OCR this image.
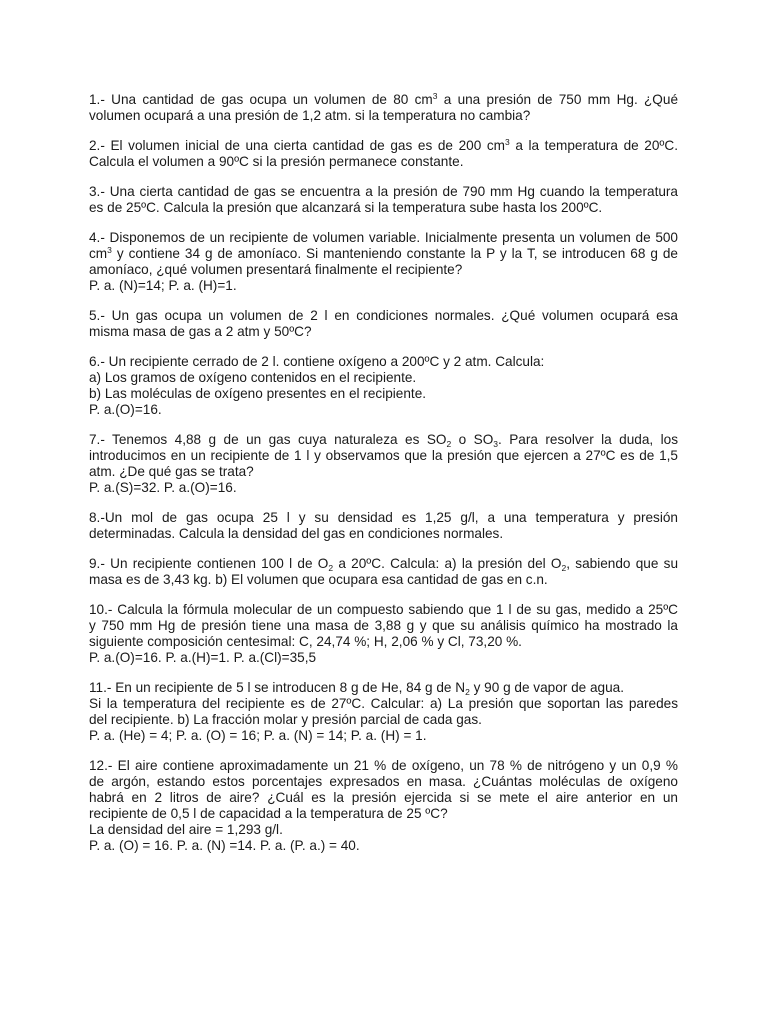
1.- Una cantidad de gas ocupa un volumen de 80 $cm^3$ a una presión de 750 mm Hg. ¿Qué
volumen ocupará a una presión de 1,2 atm. si la temperatura no cambia?
2.- El volumen inicial de una cierta cantidad de gas es de 200 $cm^3$ a la temperatura de 20ºC.
Calcula el volumen a 90ºC si la presión permanece constante.
3.- Una cierta cantidad de gas se encuentra a la presión de 790 mm Hg cuando la temperatura
es de 25ºC. Calcula la presión que alcanzará si la temperatura sube hasta los 200ºC.
4.- Disponemos de un recipiente de volumen variable. Inicialmente presenta un volumen de 500
$cm^3$ y contiene 34 g de amoníaco. Si manteniendo constante la P y la T, se introducen 68 g de
amoníaco, ¿qué volumen presentará finalmente el recipiente?
P. a. (N)=14; P. a. (H)=1.
5.- Un gas ocupa un volumen de 2 l en condiciones normales. ¿Qué volumen ocupará esa
misma masa de gas a 2 atm y 50ºC?
6.- Un recipiente cerrado de 2 l. contiene oxígeno a 200ºC y 2 atm. Calcula:
a) Los gramos de oxígeno contenidos en el recipiente.
b) Las moléculas de oxígeno presentes en el recipiente.
P. a.(O)=16.
7.- Tenemos 4,88 g de un gas cuya naturaleza es $SO_2$ o $SO_3$. Para resolver la duda, los
introducimos en un recipiente de 1 l y observamos que la presión que ejercen a 27ºC es de 1,5
atm. ¿De qué gas se trata?
P. a.(S)=32. P. a.(O)=16.
8.-Un mol de gas ocupa 25 l y su densidad es 1,25 g/l, a una temperatura y presión
determinadas. Calcula la densidad del gas en condiciones normales.
9.- Un recipiente contienen 100 l de $O_2$ a 20ºC. Calcula: a) la presión del $O_2$, sabiendo que su
masa es de 3,43 kg. b) El volumen que ocupara esa cantidad de gas en c.n.
10.- Calcula la fórmula molecular de un compuesto sabiendo que 1 l de su gas, medido a 25ºC
y 750 mm Hg de presión tiene una masa de 3,88 g y que su análisis químico ha mostrado la
siguiente composición centesimal: C, 24,74 %; H, 2,06 % y Cl, 73,20 %.
P. a.(O)=16. P. a.(H)=1. P. a.(Cl)=35,5
11.- En un recipiente de 5 l se introducen 8 g de He, 84 g de $N_2$ y 90 g de vapor de agua.
Si la temperatura del recipiente es de 27ºC. Calcular: a) La presión que soportan las paredes
del recipiente. b) La fracción molar y presión parcial de cada gas.
P. a. (He) = 4; P. a. (O) = 16; P. a. (N) = 14; P. a. (H) = 1.
12.- El aire contiene aproximadamente un 21 % de oxígeno, un 78 % de nitrógeno y un 0,9 %
de argón, estando estos porcentajes expresados en masa. ¿Cuántas moléculas de oxígeno
habrá en 2 litros de aire? ¿Cuál es la presión ejercida si se mete el aire anterior en un
recipiente de 0,5 l de capacidad a la temperatura de 25 ºC?
La densidad del aire = 1,293 g/l.
P. a. (O) = 16. P. a. (N) =14. P. a. (P. a.) = 40.
